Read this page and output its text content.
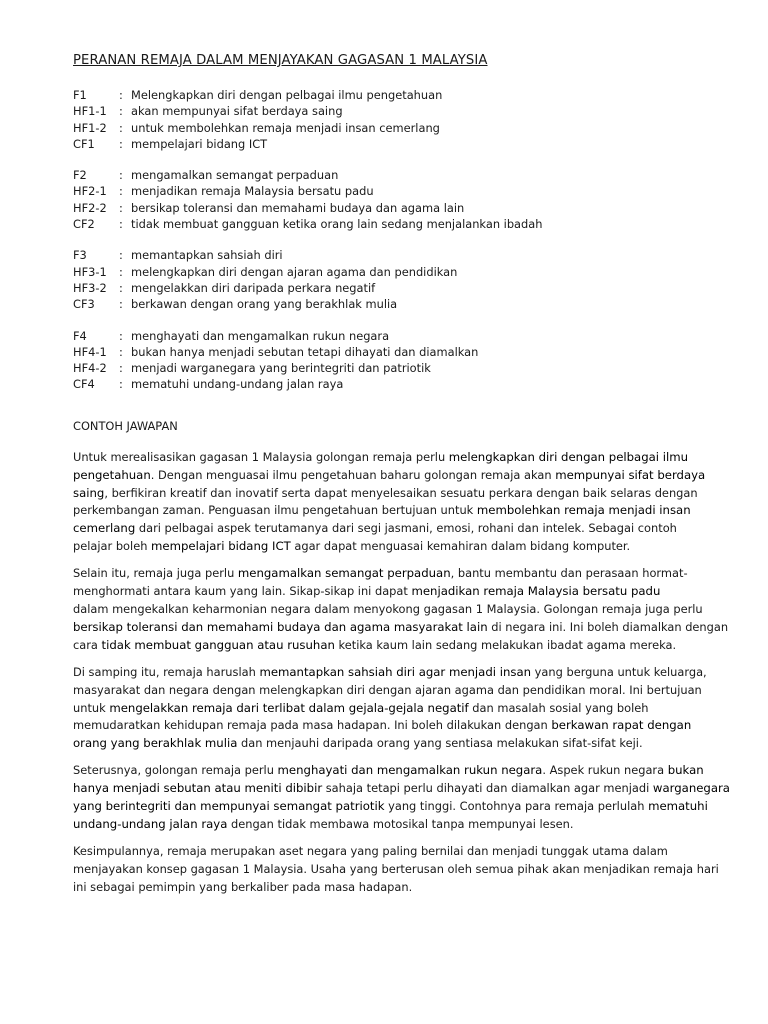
PERANAN REMAJA DALAM MENJAYAKAN GAGASAN 1 MALAYSIA
F1	: Melengkapkan diri dengan pelbagai ilmu pengetahuan
HF1-1	: akan mempunyai sifat berdaya saing
HF1-2	: untuk membolehkan remaja menjadi insan cemerlang
CF1	: mempelajari bidang ICT
F2	: mengamalkan semangat perpaduan
HF2-1	: menjadikan remaja Malaysia bersatu padu
HF2-2	: bersikap toleransi dan memahami budaya dan agama lain
CF2	: tidak membuat gangguan ketika orang lain sedang menjalankan ibadah
F3	: memantapkan sahsiah diri
HF3-1	: melengkapkan diri dengan ajaran agama dan pendidikan
HF3-2	: mengelakkan diri daripada perkara negatif
CF3	: berkawan dengan orang yang berakhlak mulia
F4	: menghayati dan mengamalkan rukun negara
HF4-1	: bukan hanya menjadi sebutan tetapi dihayati dan diamalkan
HF4-2	: menjadi warganegara yang berintegriti dan patriotik
CF4	: mematuhi undang-undang jalan raya
CONTOH JAWAPAN
Untuk merealisasikan gagasan 1 Malaysia golongan remaja perlu melengkapkan diri dengan pelbagai ilmu
pengetahuan. Dengan menguasai ilmu pengetahuan baharu golongan remaja akan mempunyai sifat berdaya
saing, berfikiran kreatif dan inovatif serta dapat menyelesaikan sesuatu perkara dengan baik selaras dengan
perkembangan zaman. Penguasan ilmu pengetahuan bertujuan untuk membolehkan remaja menjadi insan
cemerlang dari pelbagai aspek terutamanya dari segi jasmani, emosi, rohani dan intelek. Sebagai contoh
pelajar boleh mempelajari bidang ICT agar dapat menguasai kemahiran dalam bidang komputer.
Selain itu, remaja juga perlu mengamalkan semangat perpaduan, bantu membantu dan perasaan hormat-
menghormati antara kaum yang lain. Sikap-sikap ini dapat menjadikan remaja Malaysia bersatu padu
dalam mengekalkan keharmonian negara dalam menyokong gagasan 1 Malaysia. Golongan remaja juga perlu
bersikap toleransi dan memahami budaya dan agama masyarakat lain di negara ini. Ini boleh diamalkan dengan
cara tidak membuat gangguan atau rusuhan ketika kaum lain sedang melakukan ibadat agama mereka.
Di samping itu, remaja haruslah memantapkan sahsiah diri agar menjadi insan yang berguna untuk keluarga,
masyarakat dan negara dengan melengkapkan diri dengan ajaran agama dan pendidikan moral. Ini bertujuan
untuk mengelakkan remaja dari terlibat dalam gejala-gejala negatif dan masalah sosial yang boleh
memudaratkan kehidupan remaja pada masa hadapan. Ini boleh dilakukan dengan berkawan rapat dengan
orang yang berakhlak mulia dan menjauhi daripada orang yang sentiasa melakukan sifat-sifat keji.
Seterusnya, golongan remaja perlu menghayati dan mengamalkan rukun negara. Aspek rukun negara bukan
hanya menjadi sebutan atau meniti dibibir sahaja tetapi perlu dihayati dan diamalkan agar menjadi warganegara
yang berintegriti dan mempunyai semangat patriotik yang tinggi. Contohnya para remaja perlulah mematuhi
undang-undang jalan raya dengan tidak membawa motosikal tanpa mempunyai lesen.
Kesimpulannya, remaja merupakan aset negara yang paling bernilai dan menjadi tunggak utama dalam
menjayakan konsep gagasan 1 Malaysia. Usaha yang berterusan oleh semua pihak akan menjadikan remaja hari
ini sebagai pemimpin yang berkaliber pada masa hadapan.
